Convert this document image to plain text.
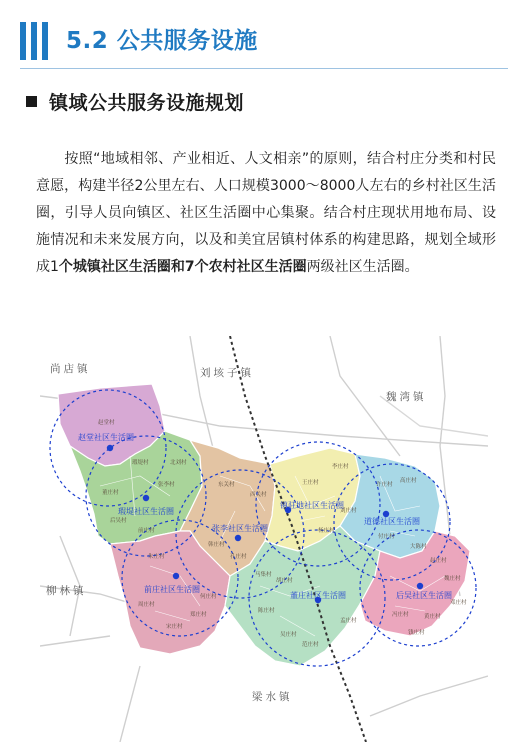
5.2 公共服务设施
镇域公共服务设施规划
按照“地域相邻、产业相近、人文相亲”的原则，结合村庄分类和村民意愿，构建半径2公里左右、人口规模3000～8000人左右的乡村社区生活圈，引导人员向镇区、社区生活圈中心集聚。结合村庄现状用地布局、设施情况和未来发展方向，以及和美宜居镇村体系的构建思路，规划全域形成1个城镇社区生活圈和7个农村社区生活圈两级社区生活圈。
赵堂村
瑕堤村
张李村
北刘村
董庄村
后吴村
前庄村
东关村
西关村
孔庄村
马集村
韩庄村
王庄村
李庄村
杨庄村
刘庄村
许庄村
高庄村
大陈村
付庄村
朱庄村
周庄村
宋庄村
郑庄村
何庄村
陈庄村
吴庄村
范庄村
孟庄村
胡庄村
赵庄村
魏庄村
黄庄村
冯庄村
邓庄村
钱庄村
赵堂社区生活圈
瑕堤社区生活圈
张李社区生活圈
镇驻地社区生活圈
道德社区生活圈
前庄社区生活圈
董庄社区生活圈	后吴社区生活圈
尚店镇	刘垓子镇
魏湾镇
柳林镇
梁水镇
